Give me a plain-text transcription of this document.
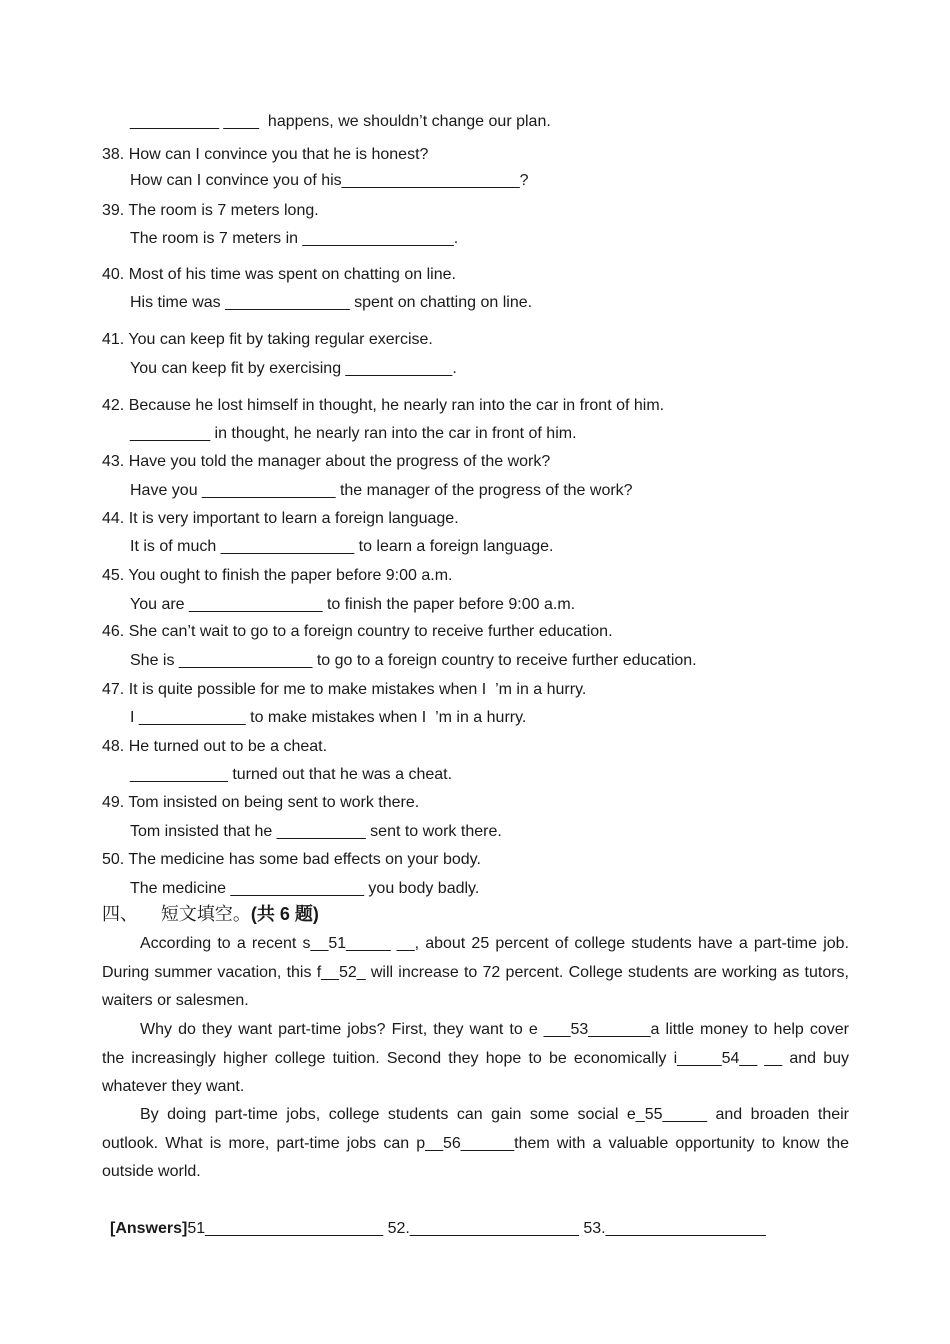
__________ ____  happens, we shouldn’t change our plan.
38. How can I convince you that he is honest?
How can I convince you of his____________________?
39. The room is 7 meters long.
The room is 7 meters in _________________.
40. Most of his time was spent on chatting on line.
His time was ______________ spent on chatting on line.
41. You can keep fit by taking regular exercise.
You can keep fit by exercising ____________.
42. Because he lost himself in thought, he nearly ran into the car in front of him.
_________ in thought, he nearly ran into the car in front of him.
43. Have you told the manager about the progress of the work?
Have you _______________ the manager of the progress of the work?
44. It is very important to learn a foreign language.
It is of much _______________ to learn a foreign language.
45. You ought to finish the paper before 9:00 a.m.
You are _______________ to finish the paper before 9:00 a.m.
46. She can’t wait to go to a foreign country to receive further education.
She is _______________ to go to a foreign country to receive further education.
47. It is quite possible for me to make mistakes when I  ’m in a hurry.
I ____________ to make mistakes when I  ’m in a hurry.
48. He turned out to be a cheat.
___________ turned out that he was a cheat.
49. Tom insisted on being sent to work there.
Tom insisted that he __________ sent to work there.
50. The medicine has some bad effects on your body.
The medicine _______________ you body badly.
四、 短文填空。(共 6 题)

According to a recent s__51_____ __, about 25 percent of college students have a part-time job. During summer vacation, this f__52_ will increase to 72 percent. College students are working as tutors, waiters or salesmen.

Why do they want part-time jobs? First, they want to e ___53_______a little money to help cover the increasingly higher college tuition. Second they hope to be economically i_____54__ __ and buy whatever they want.

By doing part-time jobs, college students can gain some social e_55_____ and broaden their outlook. What is more, part-time jobs can p__56______them with a valuable opportunity to know the outside world.

[Answers]51____________________ 52.___________________ 53.__________________
